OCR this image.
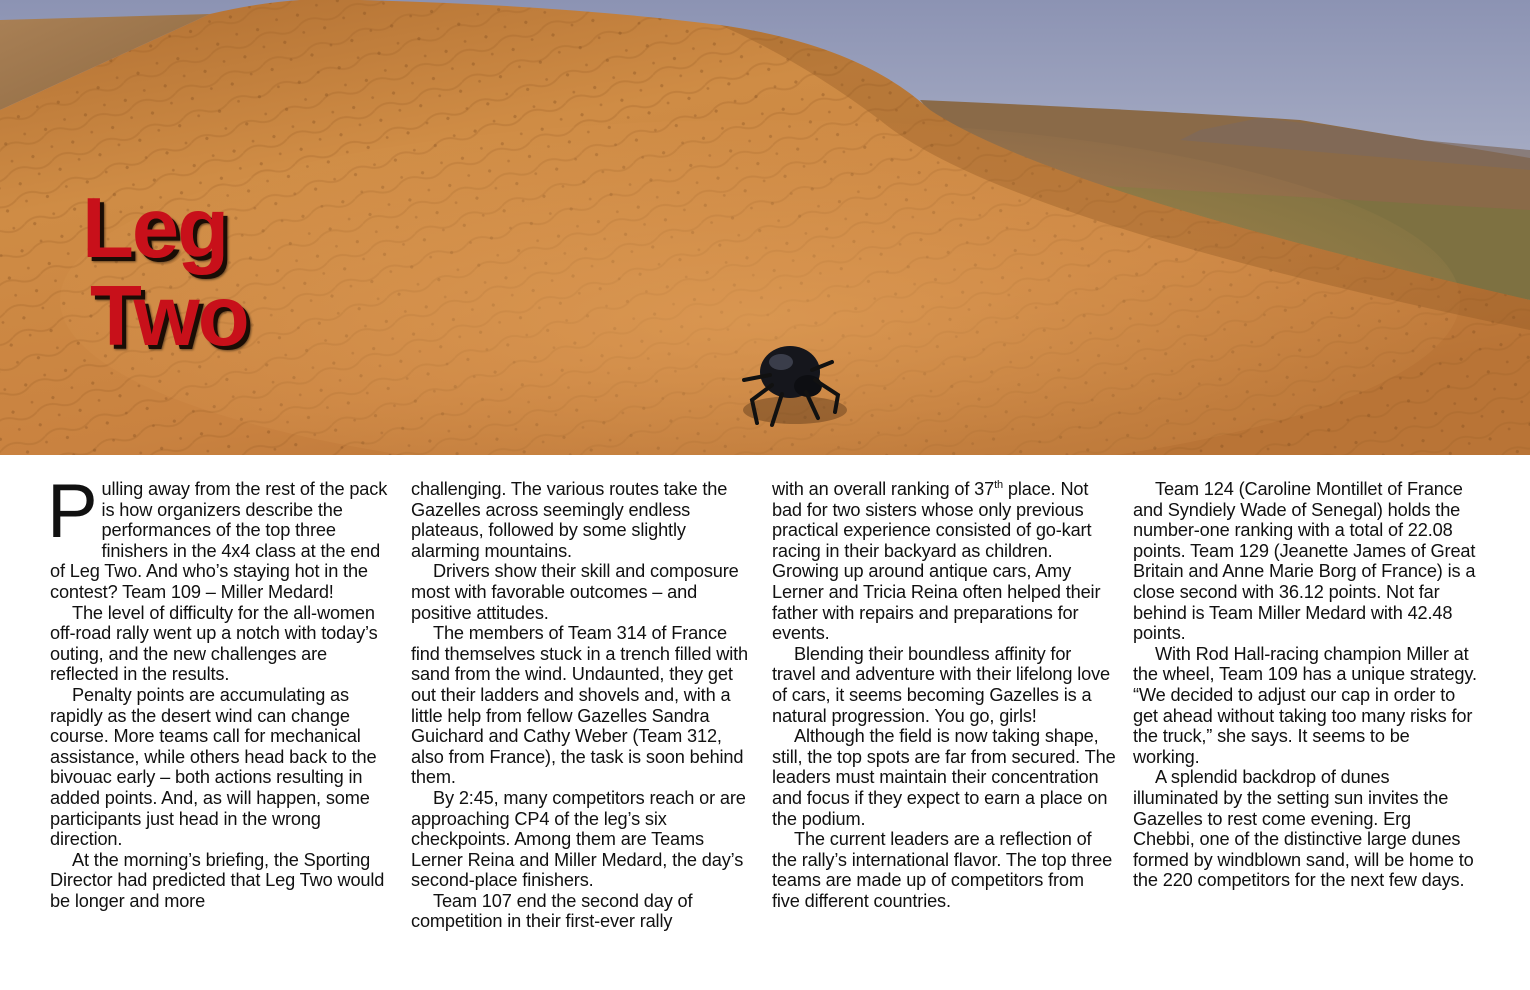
Leg
Two

Pulling away from the rest of the pack is how organizers describe the performances of the top three finishers in the 4x4 class at the end of Leg Two. And who’s staying hot in the contest? Team 109 – Miller Medard!

The level of difficulty for the all-women off-road rally went up a notch with today’s outing, and the new challenges are reflected in the results.

Penalty points are accumulating as rapidly as the desert wind can change course. More teams call for mechanical assistance, while others head back to the bivouac early – both actions resulting in added points. And, as will happen, some participants just head in the wrong direction.

At the morning’s briefing, the Sporting Director had predicted that Leg Two would be longer and more

challenging. The various routes take the Gazelles across seemingly endless plateaus, followed by some slightly alarming mountains.

Drivers show their skill and composure most with favorable outcomes – and positive attitudes.

The members of Team 314 of France find themselves stuck in a trench filled with sand from the wind. Undaunted, they get out their ladders and shovels and, with a little help from fellow Gazelles Sandra Guichard and Cathy Weber (Team 312, also from France), the task is soon behind them.

By 2:45, many competitors reach or are approaching CP4 of the leg’s six checkpoints. Among them are Teams Lerner Reina and Miller Medard, the day’s second-place finishers.

Team 107 end the second day of competition in their first-ever rally

with an overall ranking of 37th place. Not bad for two sisters whose only previous practical experience consisted of go-kart racing in their backyard as children. Growing up around antique cars, Amy Lerner and Tricia Reina often helped their father with repairs and preparations for events.

Blending their boundless affinity for travel and adventure with their lifelong love of cars, it seems becoming Gazelles is a natural progression. You go, girls!

Although the field is now taking shape, still, the top spots are far from secured. The leaders must maintain their concentration and focus if they expect to earn a place on the podium.

The current leaders are a reflection of the rally’s international flavor. The top three teams are made up of competitors from five different countries.

Team 124 (Caroline Montillet of France and Syndiely Wade of Senegal) holds the number-one ranking with a total of 22.08 points. Team 129 (Jeanette James of Great Britain and Anne Marie Borg of France) is a close second with 36.12 points. Not far behind is Team Miller Medard with 42.48 points.

With Rod Hall-racing champion Miller at the wheel, Team 109 has a unique strategy. “We decided to adjust our cap in order to get ahead without taking too many risks for the truck,” she says. It seems to be working.

A splendid backdrop of dunes illuminated by the setting sun invites the Gazelles to rest come evening. Erg Chebbi, one of the distinctive large dunes formed by windblown sand, will be home to the 220 competitors for the next few days.
